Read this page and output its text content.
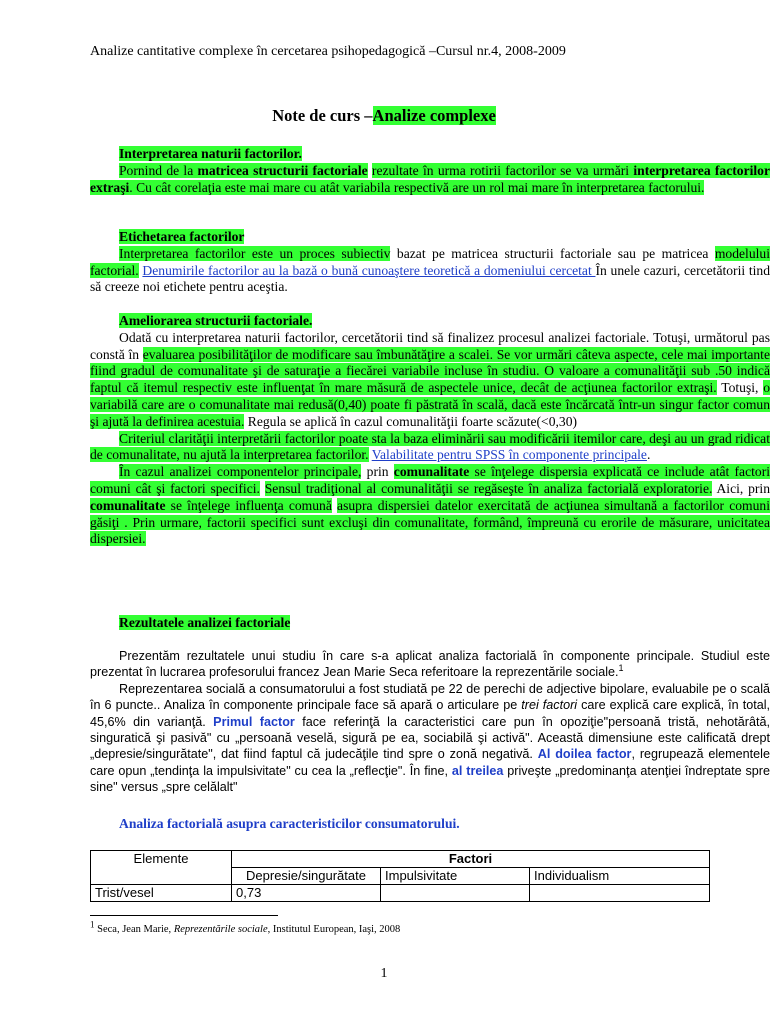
Analize cantitative complexe în cercetarea psihopedagogică –Cursul nr.4, 2008-2009

Note de curs –Analize complexe

Interpretarea naturii factorilor.
Pornind de la matricea structurii factoriale rezultate în urma rotirii factorilor se va urmări interpretarea factorilor extraşi. Cu cât corelaţia este mai mare cu atât variabila respectivă are un rol mai mare în interpretarea factorului.
Etichetarea factorilor
Interpretarea factorilor este un proces subiectiv bazat pe matricea structurii factoriale sau pe matricea modelului factorial. Denumirile factorilor au la bază o bună cunoaştere teoretică a domeniului cercetat În unele cazuri, cercetătorii tind să creeze noi etichete pentru aceştia.
Ameliorarea structurii factoriale.
Odată cu interpretarea naturii factorilor, cercetătorii tind să finalizez procesul analizei factoriale. Totuşi, următorul pas constă în evaluarea posibilităţilor de modificare sau îmbunătăţire a scalei. Se vor urmări câteva aspecte, cele mai importante fiind gradul de comunalitate şi de saturaţie a fiecărei variabile incluse în studiu. O valoare a comunalităţii sub .50 indică faptul că itemul respectiv este influenţat în mare măsură de aspectele unice, decât de acţiunea factorilor extraşi. Totuşi, o variabilă care are o comunalitate mai redusă(0,40) poate fi păstrată în scală, dacă este încărcată într-un singur factor comun şi ajută la definirea acestuia. Regula se aplică în cazul comunalităţii foarte scăzute(<0,30)
Criteriul clarităţii interpretării factorilor poate sta la baza eliminării sau modificării itemilor care, deşi au un grad ridicat de comunalitate, nu ajută la interpretarea factorilor. Valabilitate pentru SPSS în componente principale.
În cazul analizei componentelor principale, prin comunalitate se înţelege dispersia explicată ce include atât factori comuni cât şi factori specifici. Sensul tradiţional al comunalităţii se regăseşte în analiza factorială exploratorie. Aici, prin comunalitate se înţelege influenţa comună asupra dispersiei datelor exercitată de acţiunea simultană a factorilor comuni găsiţi . Prin urmare, factorii specifici sunt excluşi din comunalitate, formând, împreună cu erorile de măsurare, unicitatea dispersiei.
Rezultatele analizei factoriale
Prezentăm rezultatele unui studiu în care s-a aplicat analiza factorială în componente principale. Studiul este prezentat în lucrarea profesorului francez Jean Marie Seca referitoare la reprezentările sociale.$^1$
Reprezentarea socială a consumatorului a fost studiată pe 22 de perechi de adjective bipolare, evaluabile pe o scală în 6 puncte.. Analiza în componente principale face să apară o articulare pe trei factori care explică care explică, în total, 45,6% din varianţă. Primul factor face referinţă la caracteristici care pun în opoziţie"persoană tristă, nehotărâtă, singuratică şi pasivă" cu „persoană veselă, sigură pe ea, sociabilă şi activă". Această dimensiune este calificată drept „depresie/singurătate", dat fiind faptul că judecăţile tind spre o zonă negativă. Al doilea factor, regrupează elementele care opun „tendinţa la impulsivitate" cu cea la „reflecţie". În fine, al treilea priveşte „predominanţa atenţiei îndreptate spre sine" versus „spre celălalt"

Analiza factorială asupra caracteristicilor consumatorului.

Elemente	Factori		
	Depresie/singurătate	Impulsivitate	Individualism
Trist/vesel	0,73		

$^1$ Seca, Jean Marie, Reprezentările sociale, Institutul European, Iaşi, 2008

1
